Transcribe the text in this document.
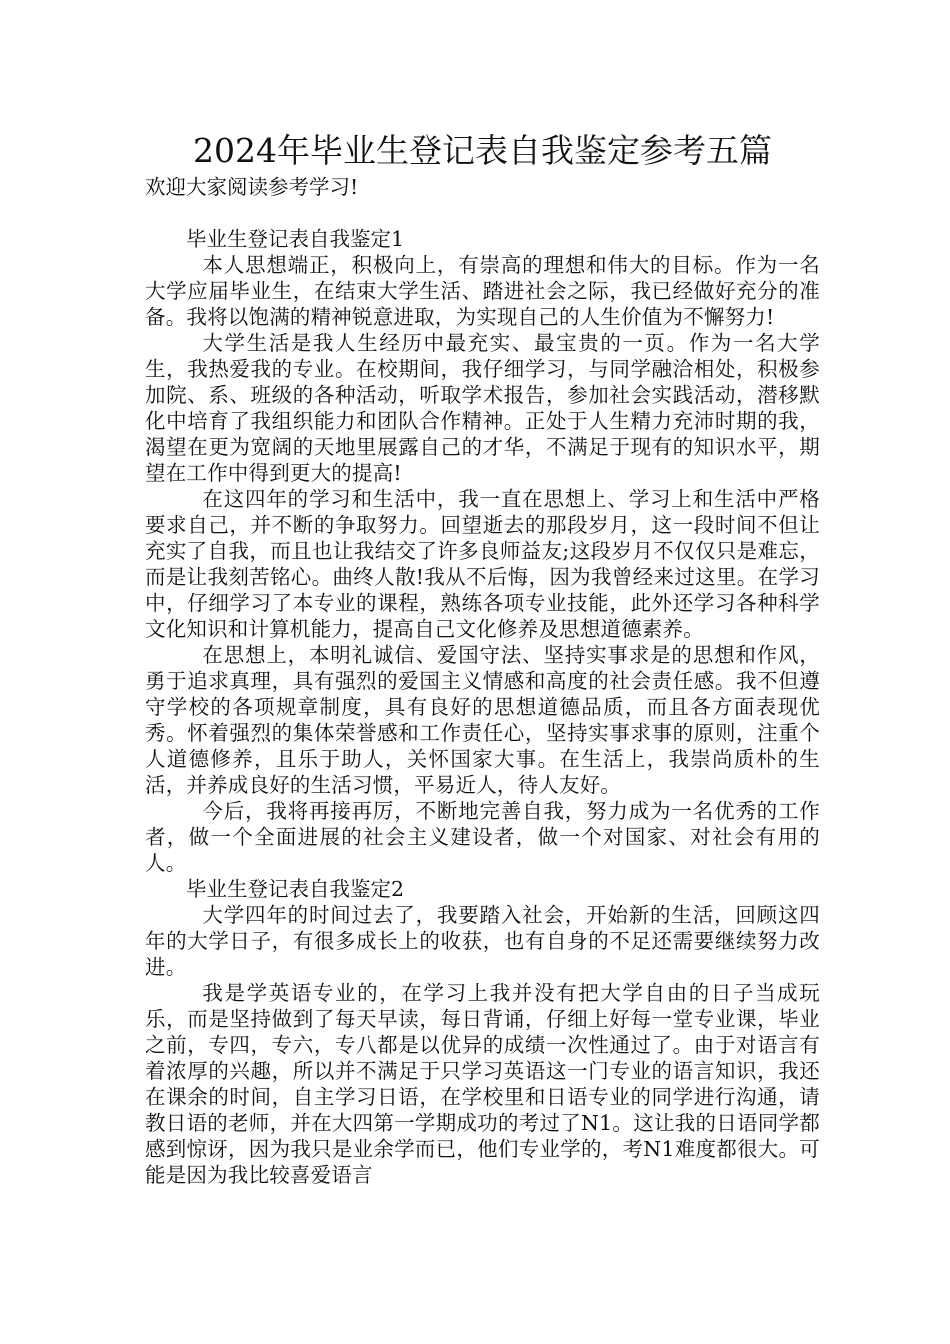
2024年毕业生登记表自我鉴定参考五篇

欢迎大家阅读参考学习!

毕业生登记表自我鉴定1

本人思想端正，积极向上，有崇高的理想和伟大的目标。作为一名大学应届毕业生，在结束大学生活、踏进社会之际，我已经做好充分的准备。我将以饱满的精神锐意进取，为实现自己的人生价值为不懈努力!

大学生活是我人生经历中最充实、最宝贵的一页。作为一名大学生，我热爱我的专业。在校期间，我仔细学习，与同学融洽相处，积极参加院、系、班级的各种活动，听取学术报告，参加社会实践活动，潜移默化中培育了我组织能力和团队合作精神。正处于人生精力充沛时期的我，渴望在更为宽阔的天地里展露自己的才华，不满足于现有的知识水平，期望在工作中得到更大的提高!

在这四年的学习和生活中，我一直在思想上、学习上和生活中严格要求自己，并不断的争取努力。回望逝去的那段岁月，这一段时间不但让充实了自我，而且也让我结交了许多良师益友;这段岁月不仅仅只是难忘，而是让我刻苦铭心。曲终人散!我从不后悔，因为我曾经来过这里。在学习中，仔细学习了本专业的课程，熟练各项专业技能，此外还学习各种科学文化知识和计算机能力，提高自己文化修养及思想道德素养。

在思想上，本明礼诚信、爱国守法、坚持实事求是的思想和作风，勇于追求真理，具有强烈的爱国主义情感和高度的社会责任感。我不但遵守学校的各项规章制度，具有良好的思想道德品质，而且各方面表现优秀。怀着强烈的集体荣誉感和工作责任心，坚持实事求事的原则，注重个人道德修养，且乐于助人，关怀国家大事。在生活上，我崇尚质朴的生活，并养成良好的生活习惯，平易近人，待人友好。

今后，我将再接再厉，不断地完善自我，努力成为一名优秀的工作者，做一个全面进展的社会主义建设者，做一个对国家、对社会有用的人。

毕业生登记表自我鉴定2

大学四年的时间过去了，我要踏入社会，开始新的生活，回顾这四年的大学日子，有很多成长上的收获，也有自身的不足还需要继续努力改进。

我是学英语专业的，在学习上我并没有把大学自由的日子当成玩乐，而是坚持做到了每天早读，每日背诵，仔细上好每一堂专业课，毕业之前，专四，专六，专八都是以优异的成绩一次性通过了。由于对语言有着浓厚的兴趣，所以并不满足于只学习英语这一门专业的语言知识，我还在课余的时间，自主学习日语，在学校里和日语专业的同学进行沟通，请教日语的老师，并在大四第一学期成功的考过了N1。这让我的日语同学都感到惊讶，因为我只是业余学而已，他们专业学的，考N1难度都很大。可能是因为我比较喜爱语言
